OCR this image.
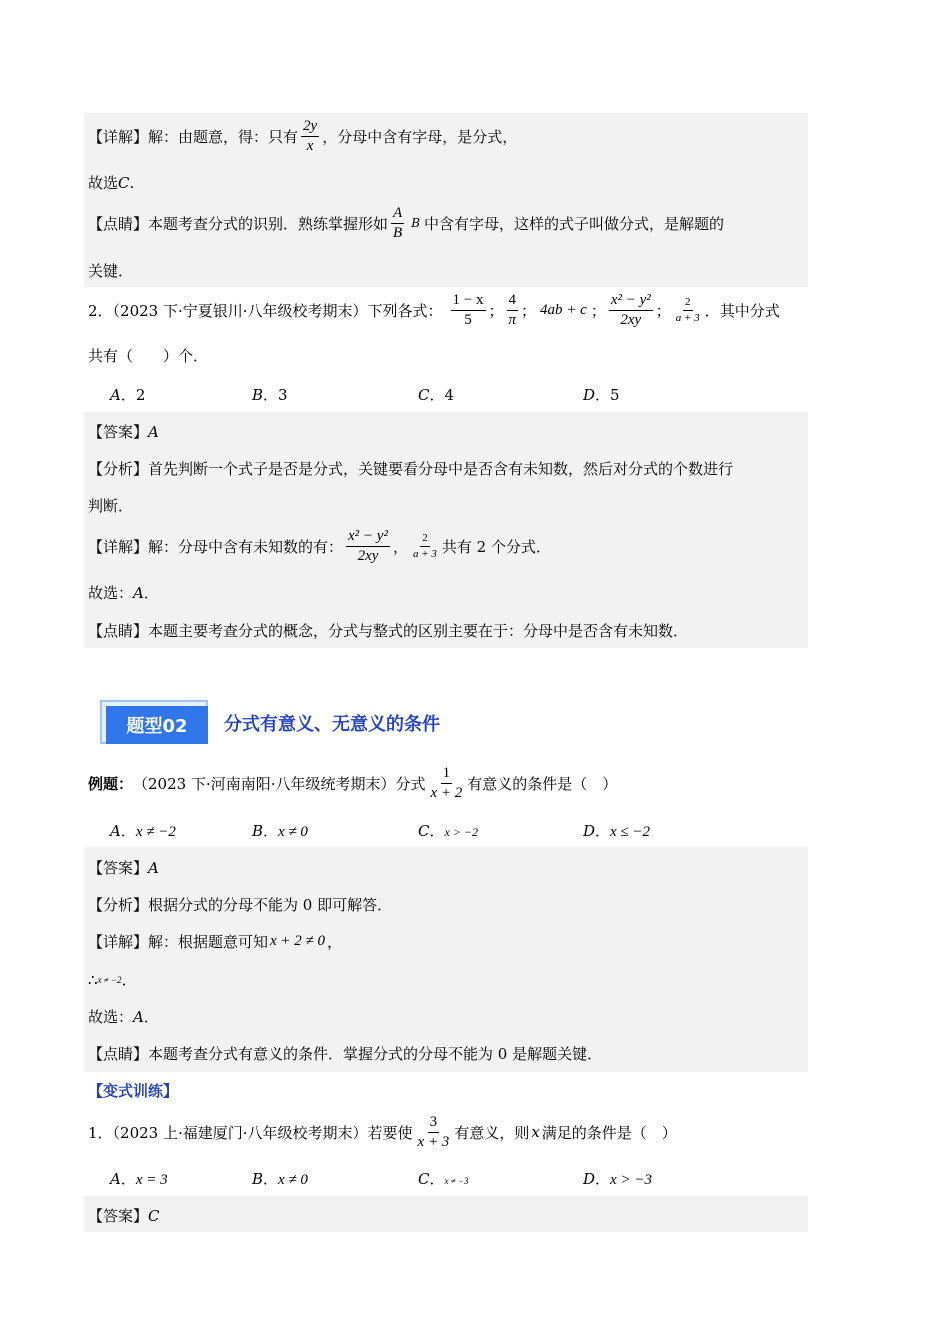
【详解】解：由题意，得：只有 $\frac{2y}{x}$ ，分母中含有字母，是分式，
故选 C .
【点睛】本题考查分式的识别．熟练掌握形如 $\frac{A}{B}$ B 中含有字母，这样的式子叫做分式，是解题的
关键．
2．（2023 下·宁夏银川·八年级校考期末）下列各式： $\frac{1 - x}{5}$ ； $\frac{4}{\pi}$ ； 4ab + c ； $\frac{\text{x² − y²}}{2xy}$ ； $\frac{2}{a + 3}$ ．其中分式
共有（　　）个．
A．2	B．3	C．4	D．5
【答案】 A
【分析】首先判断一个式子是否是分式，关键要看分母中是否含有未知数，然后对分式的个数进行
判断．
【详解】解：分母中含有未知数的有： $\frac{\text{x² − y²}}{2xy}$ ， $\frac{2}{a + 3}$ 共有 2 个分式．
故选： A ．
【点睛】本题主要考查分式的概念，分式与整式的区别主要在于：分母中是否含有未知数．
题型02	分式有意义、无意义的条件
例题： （2023 下·河南南阳·八年级统考期末）分式 $\frac{1}{x + 2}$ 有意义的条件是（　）
A．x ≠ −2	B．x ≠ 0	C．x > −2	D．x ≤ −2
【答案】 A
【分析】根据分式的分母不能为 0 即可解答．
【详解】解：根据题意可知 x + 2 ≠ 0 ，
∴ x ≠ −2 ．
故选： A ．
【点睛】本题考查分式有意义的条件．掌握分式的分母不能为 0 是解题关键．
【变式训练】
1．（2023 上·福建厦门·八年级校考期末）若要使 $\frac{3}{x + 3}$ 有意义，则 x 满足的条件是（　）
A．x = 3	B．x ≠ 0	C．x ≠ −3	D．x > −3
【答案】 C
